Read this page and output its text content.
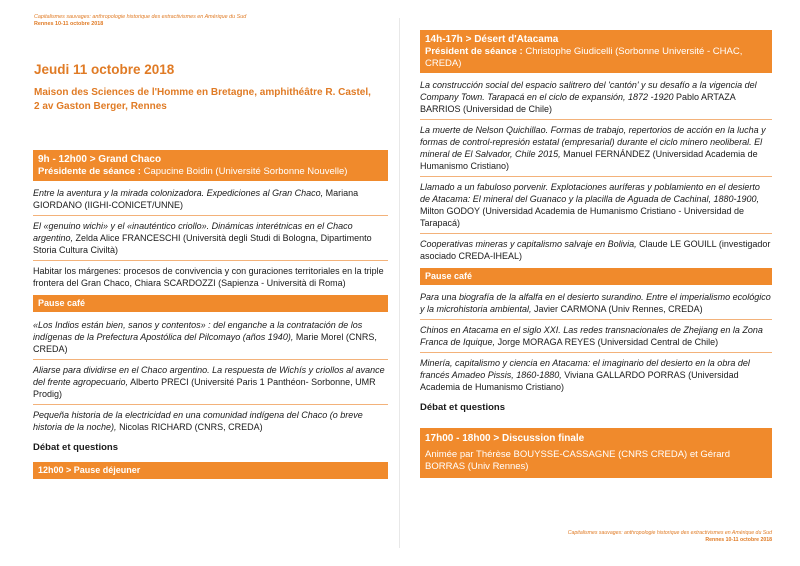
Capitalismes sauvages: anthropologie historique des extractivismes en Amérique du Sud
Rennes 10-11 octobre 2018
Jeudi 11 octobre 2018
Maison des Sciences de l'Homme en Bretagne, amphithéâtre R. Castel, 2 av Gaston Berger, Rennes
9h - 12h00 > Grand Chaco
Présidente de séance : Capucine Boidin (Université Sorbonne Nouvelle)
Entre la aventura y la mirada colonizadora. Expediciones al Gran Chaco, Mariana GIORDANO (IIGHI-CONICET/UNNE)
El «genuino wichi» y el «inauténtico criollo». Dinámicas interétnicas en el Chaco argentino, Zelda Alice FRANCESCHI (Università degli Studi di Bologna, Dipartimento Storia Cultura Civiltà)
Habitar los márgenes: procesos de convivencia y con guraciones territoriales en la triple frontera del Gran Chaco, Chiara SCARDOZZI (Sapienza - Università di Roma)
Pause café
«Los Indios están bien, sanos y contentos» : del enganche a la contratación de los indígenas de la Prefectura Apostólica del Pilcomayo (años 1940), Marie Morel (CNRS, CREDA)
Aliarse para dividirse en el Chaco argentino. La respuesta de Wichís y criollos al avance del frente agropecuario, Alberto PRECI (Université Paris 1 Panthéon- Sorbonne, UMR Prodig)
Pequeña historia de la electricidad en una comunidad indígena del Chaco (o breve historia de la noche), Nicolas RICHARD (CNRS, CREDA)
Débat et questions
12h00 > Pause déjeuner
14h-17h > Désert d'Atacama
Président de séance : Christophe Giudicelli (Sorbonne Université - CHAC, CREDA)
La construcción social del espacio salitrero del 'cantón' y su desafío a la vigencia del Company Town. Tarapacá en el ciclo de expansión, 1872 -1920 Pablo ARTAZA BARRIOS (Universidad de Chile)
La muerte de Nelson Quichillao. Formas de trabajo, repertorios de acción en la lucha y formas de control-represión estatal (empresarial) durante el ciclo minero neoliberal. El mineral de El Salvador, Chile 2015, Manuel FERNÁNDEZ (Universidad Academia de Humanismo Cristiano)
Llamado a un fabuloso porvenir. Explotaciones auríferas y poblamiento en el desierto de Atacama: El mineral del Guanaco y la placilla de Aguada de Cachinal, 1880-1900, Milton GODOY (Universidad Academia de Humanismo Cristiano - Universidad de Tarapacá)
Cooperativas mineras y capitalismo salvaje en Bolivia, Claude LE GOUILL (investigador asociado CREDA-IHEAL)
Pause café
Para una biografía de la alfalfa en el desierto surandino. Entre el imperialismo ecológico y la microhistoria ambiental, Javier CARMONA (Univ Rennes, CREDA)
Chinos en Atacama en el siglo XXI. Las redes transnacionales de Zhejiang en la Zona Franca de Iquique, Jorge MORAGA REYES (Universidad Central de Chile)
Minería, capitalismo y ciencia en Atacama: el imaginario del desierto en la obra del francés Amadeo Pissis, 1860-1880, Viviana GALLARDO PORRAS (Universidad Academia de Humanismo Cristiano)
Débat et questions
17h00 - 18h00 > Discussion finale
Animée par Thérèse BOUYSSE-CASSAGNE (CNRS CREDA) et Gérard BORRAS (Univ Rennes)
Capitalismes sauvages: anthropologie historique des extractivismes en Amérique du Sud
Rennes 10-11 octobre 2018
